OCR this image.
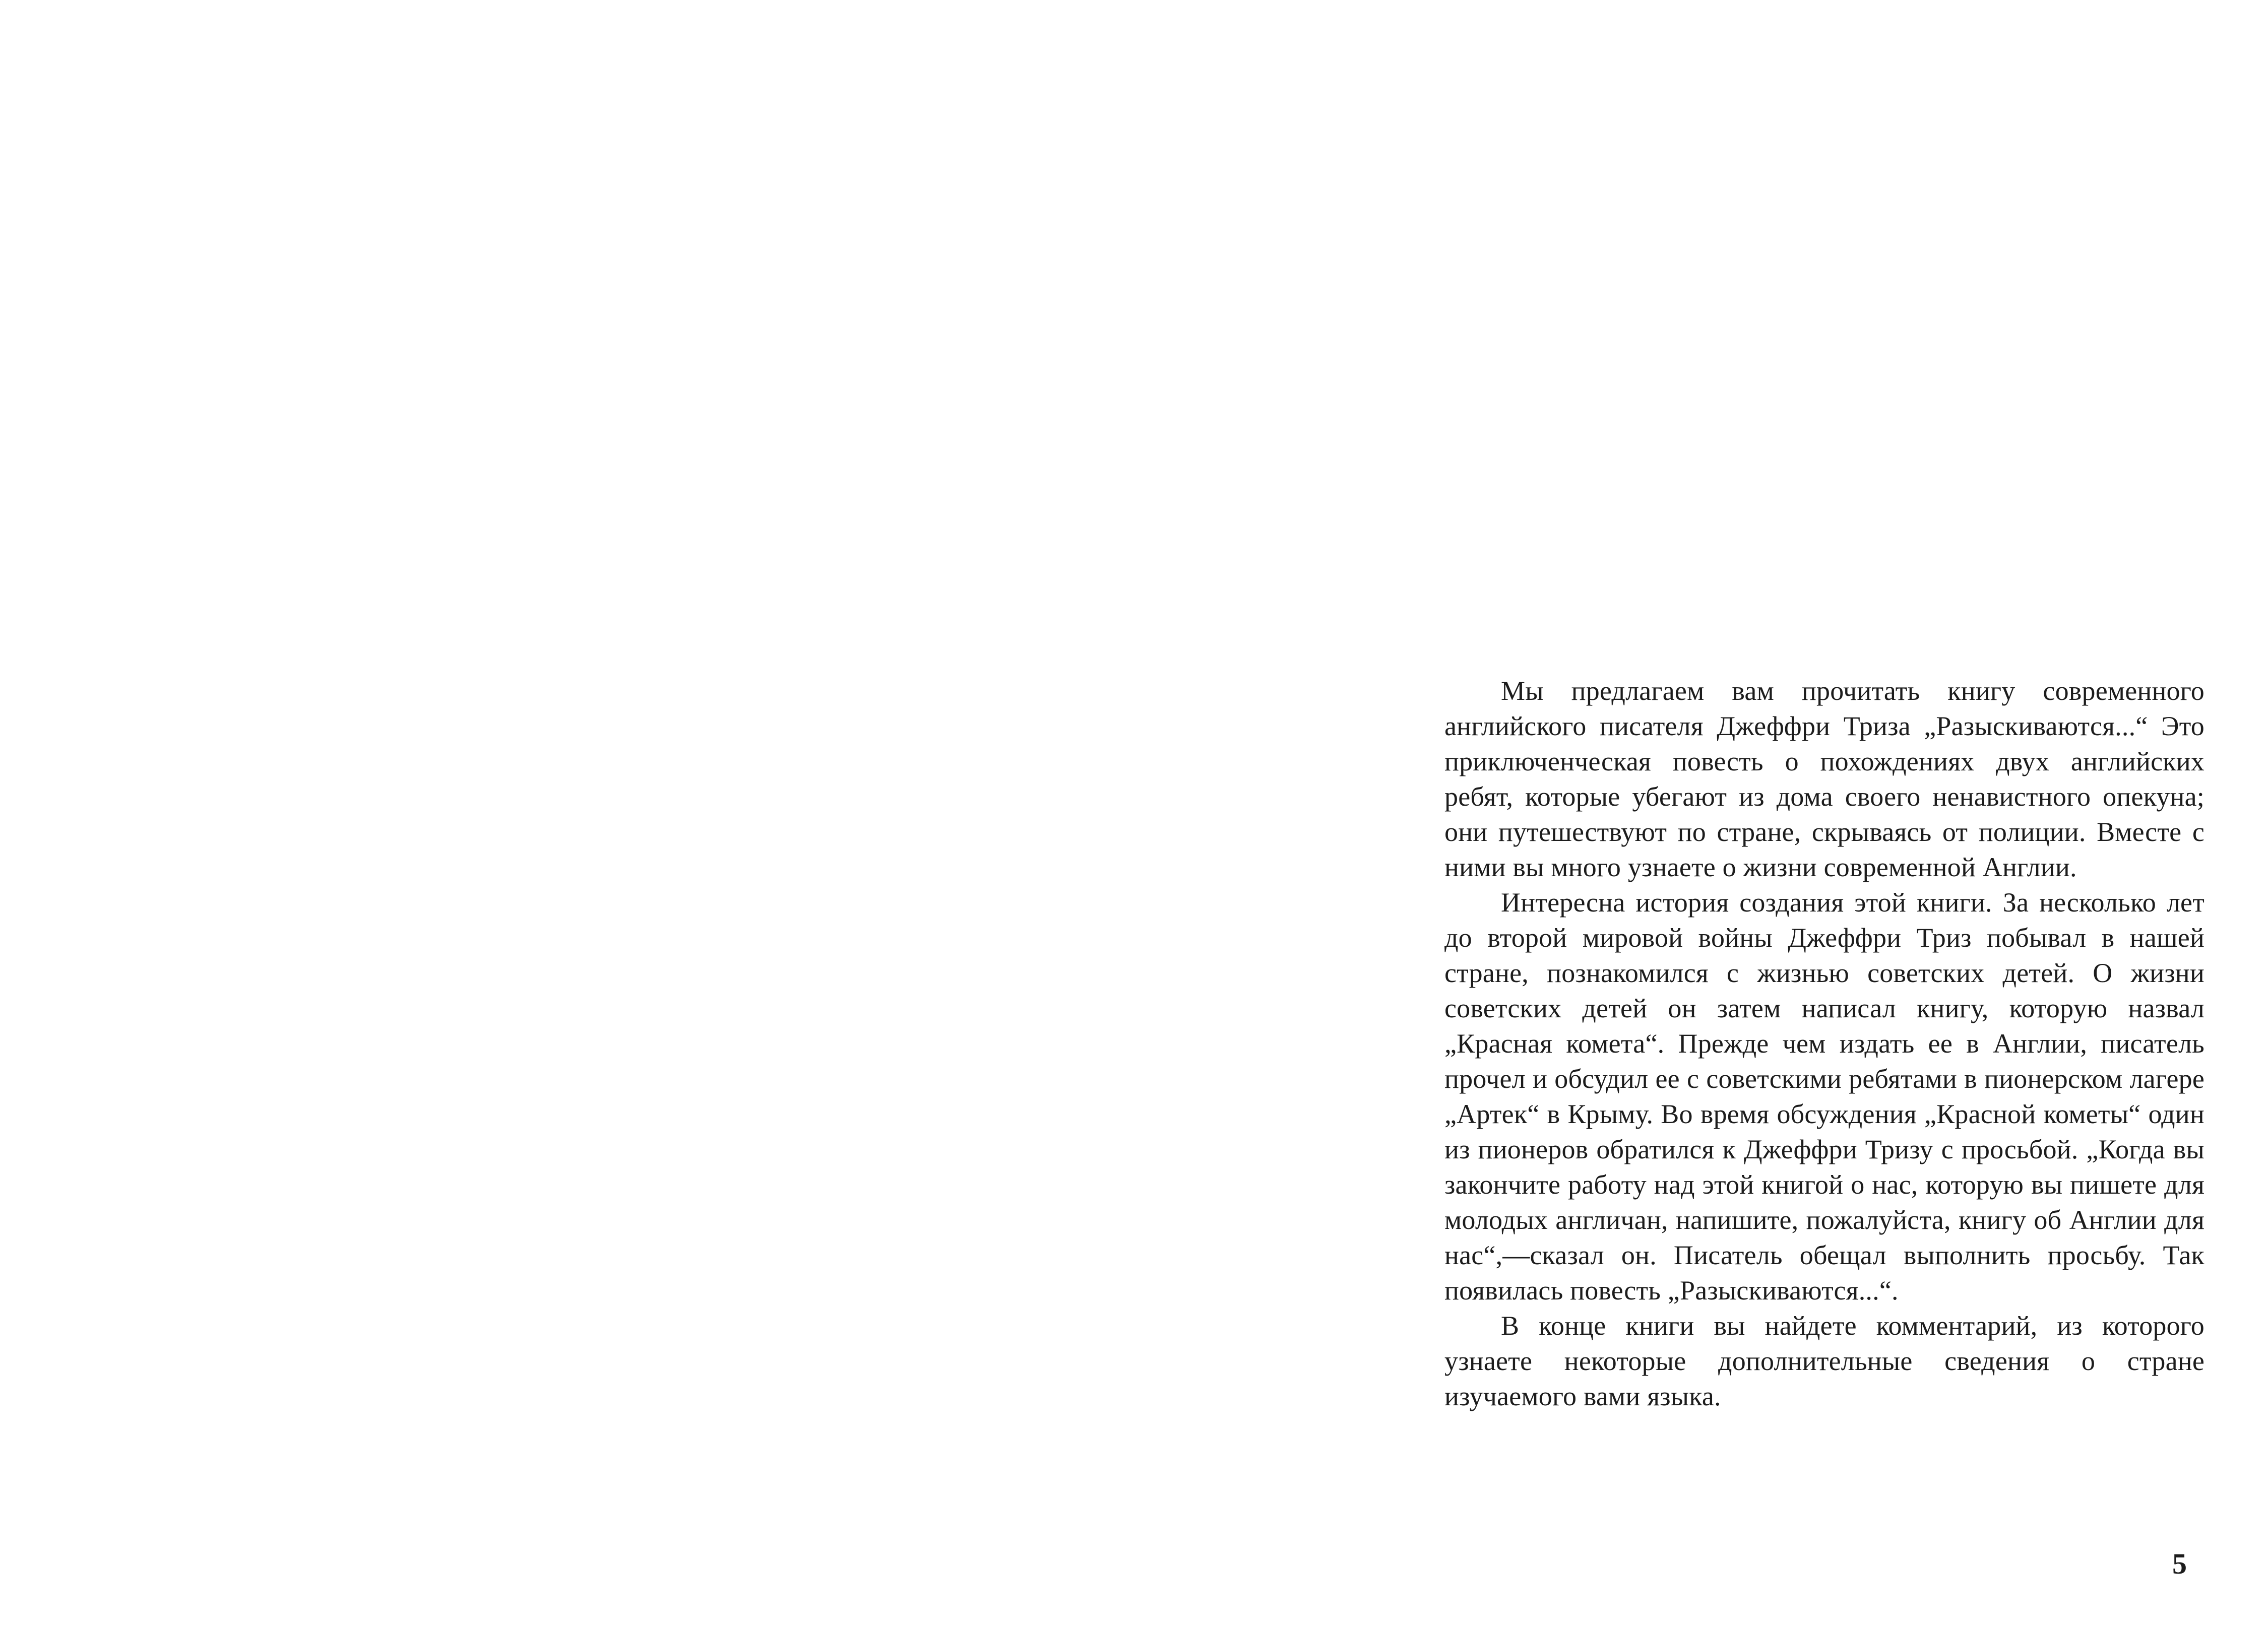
Мы предлагаем вам прочитать книгу современного английского писателя Джеффри Триза „Разыскиваются...“ Это приключенческая повесть о похождениях двух английских ребят, которые убегают из дома своего ненавистного опекуна; они путешествуют по стране, скрываясь от полиции. Вместе с ними вы много узнаете о жизни современной Англии.

Интересна история создания этой книги. За несколько лет до второй мировой войны Джеффри Триз побывал в нашей стране, познакомился с жизнью советских детей. О жизни советских детей он затем написал книгу, которую назвал „Красная комета“. Прежде чем издать ее в Англии, писатель прочел и обсудил ее с советскими ребятами в пионерском лагере „Артек“ в Крыму. Во время обсуждения „Красной кометы“ один из пионеров обратился к Джеффри Тризу с просьбой. „Когда вы закончите работу над этой книгой о нас, которую вы пишете для молодых англичан, напишите, пожалуйста, книгу об Англии для нас“,—сказал он. Писатель обещал выполнить просьбу. Так появилась повесть „Разыскиваются...“.

В конце книги вы найдете комментарий, из которого узнаете некоторые дополнительные сведения о стране изучаемого вами языка.

5
